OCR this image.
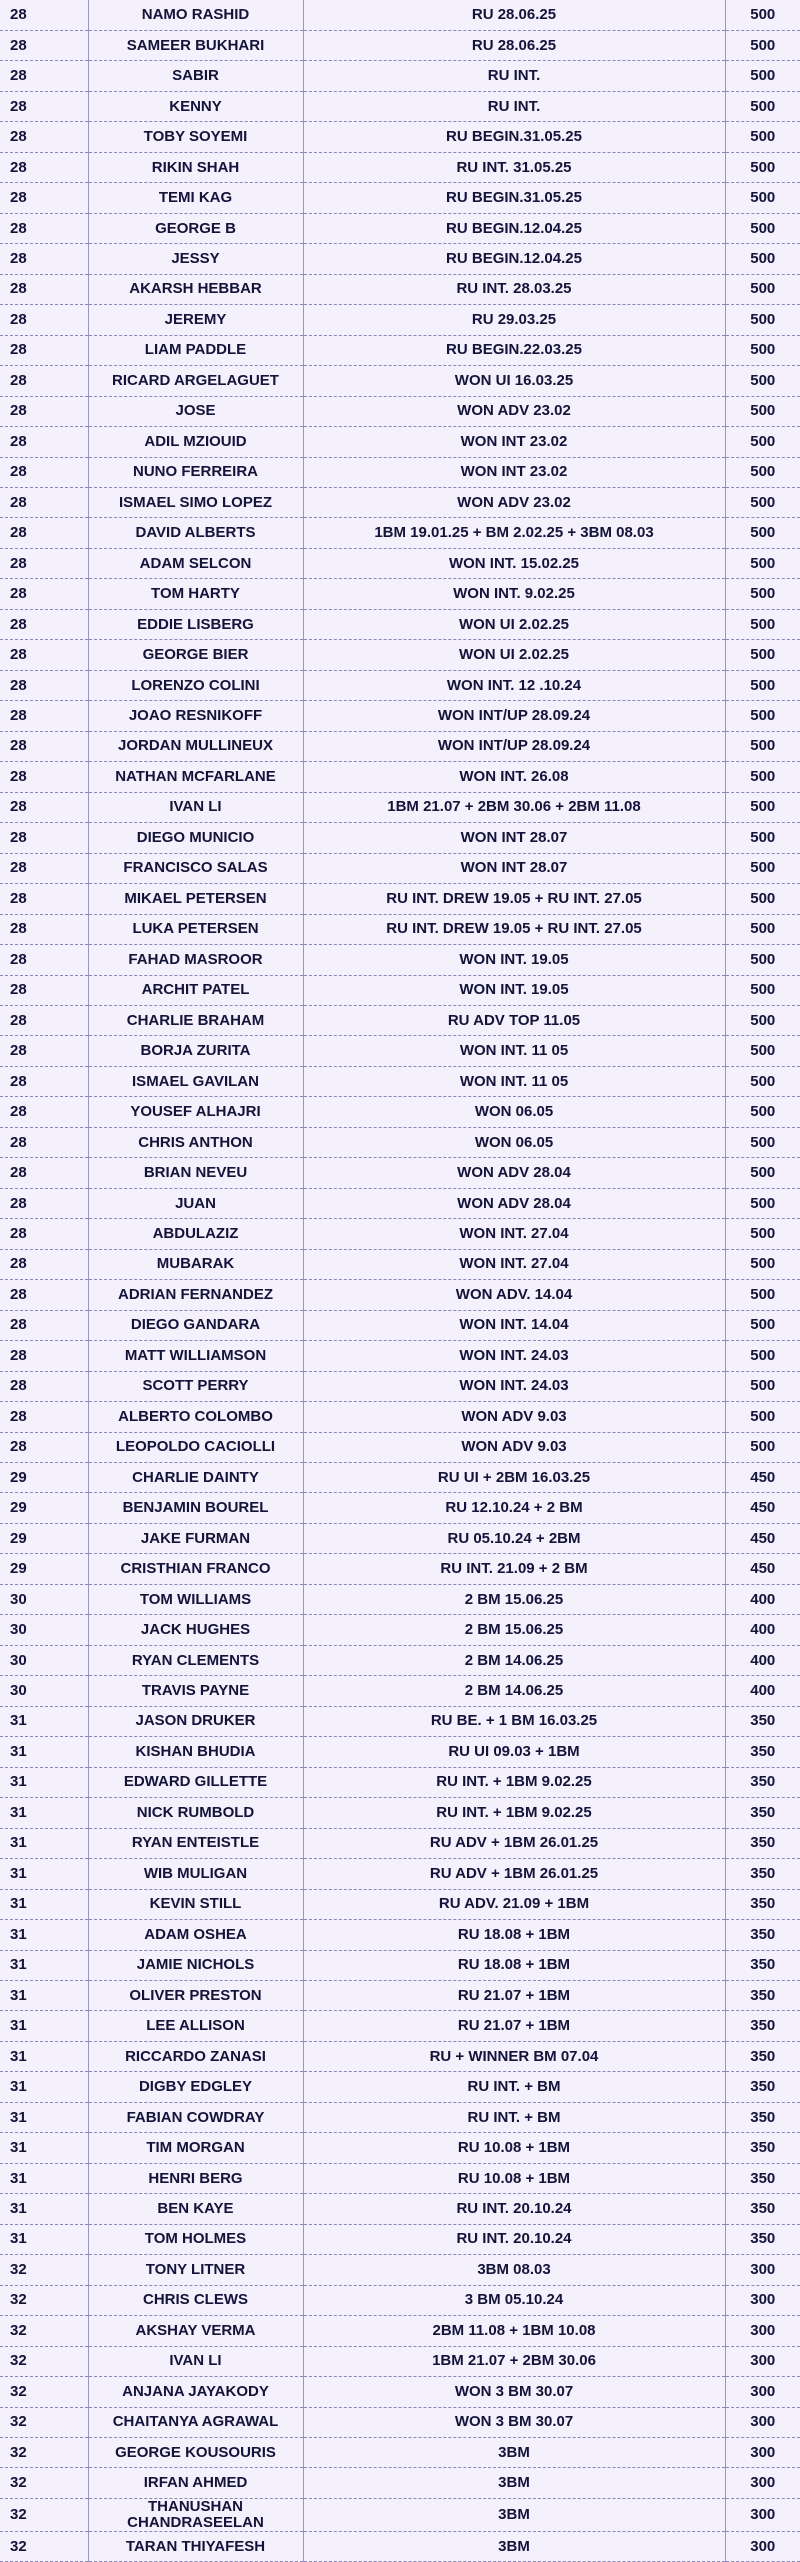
28	NAMO RASHID	RU 28.06.25	500
28	SAMEER BUKHARI	RU 28.06.25	500
28	SABIR	RU INT.	500
28	KENNY	RU INT.	500
28	TOBY SOYEMI	RU BEGIN.31.05.25	500
28	RIKIN SHAH	RU INT. 31.05.25	500
28	TEMI KAG	RU BEGIN.31.05.25	500
28	GEORGE B	RU BEGIN.12.04.25	500
28	JESSY	RU BEGIN.12.04.25	500
28	AKARSH HEBBAR	RU INT. 28.03.25	500
28	JEREMY	RU 29.03.25	500
28	LIAM PADDLE	RU BEGIN.22.03.25	500
28	RICARD ARGELAGUET	WON UI 16.03.25	500
28	JOSE	WON ADV 23.02	500
28	ADIL MZIOUID	WON INT 23.02	500
28	NUNO FERREIRA	WON INT 23.02	500
28	ISMAEL SIMO LOPEZ	WON ADV 23.02	500
28	DAVID ALBERTS	1BM 19.01.25 + BM 2.02.25 + 3BM 08.03	500
28	ADAM SELCON	WON INT. 15.02.25	500
28	TOM HARTY	WON INT. 9.02.25	500
28	EDDIE LISBERG	WON UI 2.02.25	500
28	GEORGE BIER	WON UI 2.02.25	500
28	LORENZO COLINI	WON INT. 12 .10.24	500
28	JOAO RESNIKOFF	WON INT/UP 28.09.24	500
28	JORDAN MULLINEUX	WON INT/UP 28.09.24	500
28	NATHAN MCFARLANE	WON INT. 26.08	500
28	IVAN LI	1BM 21.07 + 2BM 30.06 + 2BM 11.08	500
28	DIEGO MUNICIO	WON INT 28.07	500
28	FRANCISCO SALAS	WON INT 28.07	500
28	MIKAEL PETERSEN	RU INT. DREW 19.05 + RU INT. 27.05	500
28	LUKA PETERSEN	RU INT. DREW 19.05 + RU INT. 27.05	500
28	FAHAD MASROOR	WON INT. 19.05	500
28	ARCHIT PATEL	WON INT. 19.05	500
28	CHARLIE BRAHAM	RU ADV TOP 11.05	500
28	BORJA ZURITA	WON INT. 11 05	500
28	ISMAEL GAVILAN	WON INT. 11 05	500
28	YOUSEF ALHAJRI	WON 06.05	500
28	CHRIS ANTHON	WON 06.05	500
28	BRIAN NEVEU	WON ADV 28.04	500
28	JUAN	WON ADV 28.04	500
28	ABDULAZIZ	WON INT. 27.04	500
28	MUBARAK	WON INT. 27.04	500
28	ADRIAN FERNANDEZ	WON ADV. 14.04	500
28	DIEGO GANDARA	WON INT. 14.04	500
28	MATT WILLIAMSON	WON INT. 24.03	500
28	SCOTT PERRY	WON INT. 24.03	500
28	ALBERTO COLOMBO	WON ADV 9.03	500
28	LEOPOLDO CACIOLLI	WON ADV 9.03	500
29	CHARLIE DAINTY	RU UI + 2BM 16.03.25	450
29	BENJAMIN BOUREL	RU 12.10.24 + 2 BM	450
29	JAKE FURMAN	RU 05.10.24 + 2BM	450
29	CRISTHIAN FRANCO	RU INT. 21.09 + 2 BM	450
30	TOM WILLIAMS	2 BM 15.06.25	400
30	JACK HUGHES	2 BM 15.06.25	400
30	RYAN CLEMENTS	2 BM 14.06.25	400
30	TRAVIS PAYNE	2 BM 14.06.25	400
31	JASON DRUKER	RU BE. + 1 BM 16.03.25	350
31	KISHAN BHUDIA	RU UI 09.03 + 1BM	350
31	EDWARD GILLETTE	RU INT. + 1BM 9.02.25	350
31	NICK RUMBOLD	RU INT. + 1BM 9.02.25	350
31	RYAN ENTEISTLE	RU ADV + 1BM 26.01.25	350
31	WIB MULIGAN	RU ADV + 1BM 26.01.25	350
31	KEVIN STILL	RU ADV. 21.09 + 1BM	350
31	ADAM OSHEA	RU 18.08 + 1BM	350
31	JAMIE NICHOLS	RU 18.08 + 1BM	350
31	OLIVER PRESTON	RU 21.07 + 1BM	350
31	LEE ALLISON	RU 21.07 + 1BM	350
31	RICCARDO ZANASI	RU + WINNER BM 07.04	350
31	DIGBY EDGLEY	RU INT. + BM	350
31	FABIAN COWDRAY	RU INT. + BM	350
31	TIM MORGAN	RU 10.08 + 1BM	350
31	HENRI BERG	RU 10.08 + 1BM	350
31	BEN KAYE	RU INT. 20.10.24	350
31	TOM HOLMES	RU INT. 20.10.24	350
32	TONY LITNER	3BM 08.03	300
32	CHRIS CLEWS	3 BM 05.10.24	300
32	AKSHAY VERMA	2BM 11.08 + 1BM 10.08	300
32	IVAN LI	1BM 21.07 + 2BM 30.06	300
32	ANJANA JAYAKODY	WON 3 BM 30.07	300
32	CHAITANYA AGRAWAL	WON 3 BM 30.07	300
32	GEORGE KOUSOURIS	3BM	300
32	IRFAN AHMED	3BM	300
32	THANUSHAN CHANDRASEELAN	3BM	300
32	TARAN THIYAFESH	3BM	300
